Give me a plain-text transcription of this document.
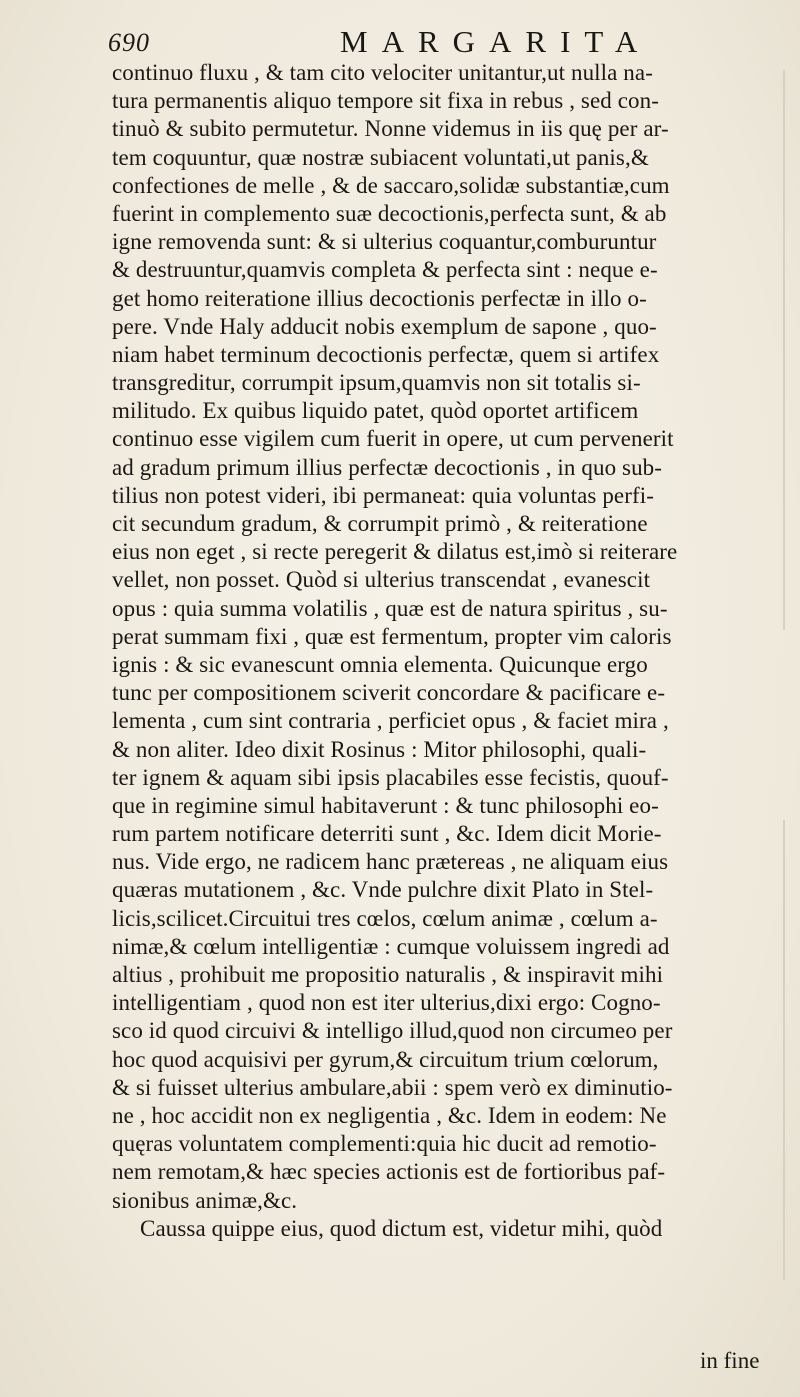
690	MARGARITA
continuo fluxu , & tam cito velociter unitantur,ut nulla na-
tura permanentis aliquo tempore sit fixa in rebus , sed con-
tinuò & subito permutetur. Nonne videmus in iis quę per ar-
tem coquuntur, quæ nostræ subiacent voluntati,ut panis,&
confectiones de melle , & de saccaro,solidæ substantiæ,cum
fuerint in complemento suæ decoctionis,perfecta sunt, & ab
igne removenda sunt: & si ulterius coquantur,comburuntur
& destruuntur,quamvis completa & perfecta sint : neque e-
get homo reiteratione illius decoctionis perfectæ in illo o-
pere. Vnde Haly adducit nobis exemplum de sapone , quo-
niam habet terminum decoctionis perfectæ, quem si artifex
transgreditur, corrumpit ipsum,quamvis non sit totalis si-
militudo. Ex quibus liquido patet, quòd oportet artificem
continuo esse vigilem cum fuerit in opere, ut cum pervenerit
ad gradum primum illius perfectæ decoctionis , in quo sub-
tilius non potest videri, ibi permaneat: quia voluntas perfi-
cit secundum gradum, & corrumpit primò , & reiteratione
eius non eget , si recte peregerit & dilatus est,imò si reiterare
vellet, non posset. Quòd si ulterius transcendat , evanescit
opus : quia summa volatilis , quæ est de natura spiritus , su-
perat summam fixi , quæ est fermentum, propter vim caloris
ignis : & sic evanescunt omnia elementa. Quicunque ergo
tunc per compositionem sciverit concordare & pacificare e-
lementa , cum sint contraria , perficiet opus , & faciet mira ,
& non aliter. Ideo dixit Rosinus : Mitor philosophi, quali-
ter ignem & aquam sibi ipsis placabiles esse fecistis, quouf-
que in regimine simul habitaverunt : & tunc philosophi eo-
rum partem notificare deterriti sunt , &c. Idem dicit Morie-
nus. Vide ergo, ne radicem hanc prætereas , ne aliquam eius
quæras mutationem , &c. Vnde pulchre dixit Plato in Stel-
licis,scilicet.Circuitui tres cœlos, cœlum animæ , cœlum a-
nimæ,& cœlum intelligentiæ : cumque voluissem ingredi ad
altius , prohibuit me propositio naturalis , & inspiravit mihi
intelligentiam , quod non est iter ulterius,dixi ergo: Cogno-
sco id quod circuivi & intelligo illud,quod non circumeo per
hoc quod acquisivi per gyrum,& circuitum trium cœlorum,
& si fuisset ulterius ambulare,abii : spem verò ex diminutio-
ne , hoc accidit non ex negligentia , &c. Idem in eodem: Ne
quęras voluntatem complementi:quia hic ducit ad remotio-
nem remotam,& hæc species actionis est de fortioribus paf-
sionibus animæ,&c.
Caussa quippe eius, quod dictum est, videtur mihi, quòd
in fine
